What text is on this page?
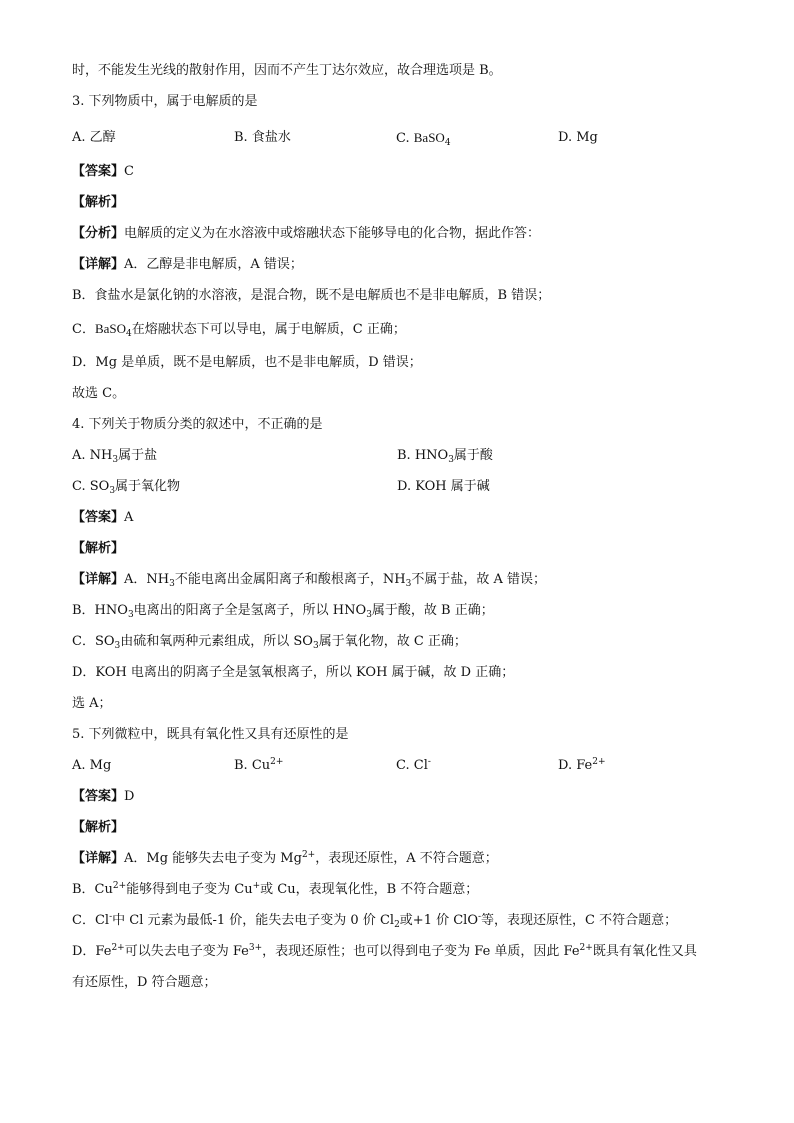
时，不能发生光线的散射作用，因而不产生丁达尔效应，故合理选项是 B。

3. 下列物质中，属于电解质的是

A. 乙醇	B. 食盐水	C. BaSO$_4$	D. Mg

【答案】C

【解析】

【分析】电解质的定义为在水溶液中或熔融状态下能够导电的化合物，据此作答：

【详解】A．乙醇是非电解质，A 错误；

B．食盐水是氯化钠的水溶液，是混合物，既不是电解质也不是非电解质，B 错误；

C．BaSO$_4$在熔融状态下可以导电，属于电解质，C 正确；

D．Mg 是单质，既不是电解质，也不是非电解质，D 错误；

故选 C。

4. 下列关于物质分类的叙述中，不正确的是

A. $NH_3$属于盐	B. $HNO_3$属于酸
C. $SO_3$属于氧化物	D. KOH 属于碱

【答案】A

【解析】

【详解】A．$NH_3$不能电离出金属阳离子和酸根离子，$NH_3$不属于盐，故 A 错误；

B．$HNO_3$电离出的阳离子全是氢离子，所以 $HNO_3$属于酸，故 B 正确；

C．$SO_3$由硫和氧两种元素组成，所以 $SO_3$属于氧化物，故 C 正确；

D．KOH 电离出的阴离子全是氢氧根离子，所以 KOH 属于碱，故 D 正确；

选 A；

5. 下列微粒中，既具有氧化性又具有还原性的是

A. Mg	B. $Cu^{2+}$	C. Cl-	D. $Fe^{2+}$

【答案】D

【解析】

【详解】A．Mg 能够失去电子变为 $Mg^{2+}$，表现还原性，A 不符合题意；

B．$Cu^{2+}$能够得到电子变为 Cu+或 Cu，表现氧化性，B 不符合题意；

C．Cl-中 Cl 元素为最低-1 价，能失去电子变为 0 价 $Cl_2$或+1 价 ClO-等，表现还原性，C 不符合题意；

D．$Fe^{2+}$可以失去电子变为 $Fe^{3+}$，表现还原性；也可以得到电子变为 Fe 单质，因此 $Fe^{2+}$既具有氧化性又具

有还原性，D 符合题意；
